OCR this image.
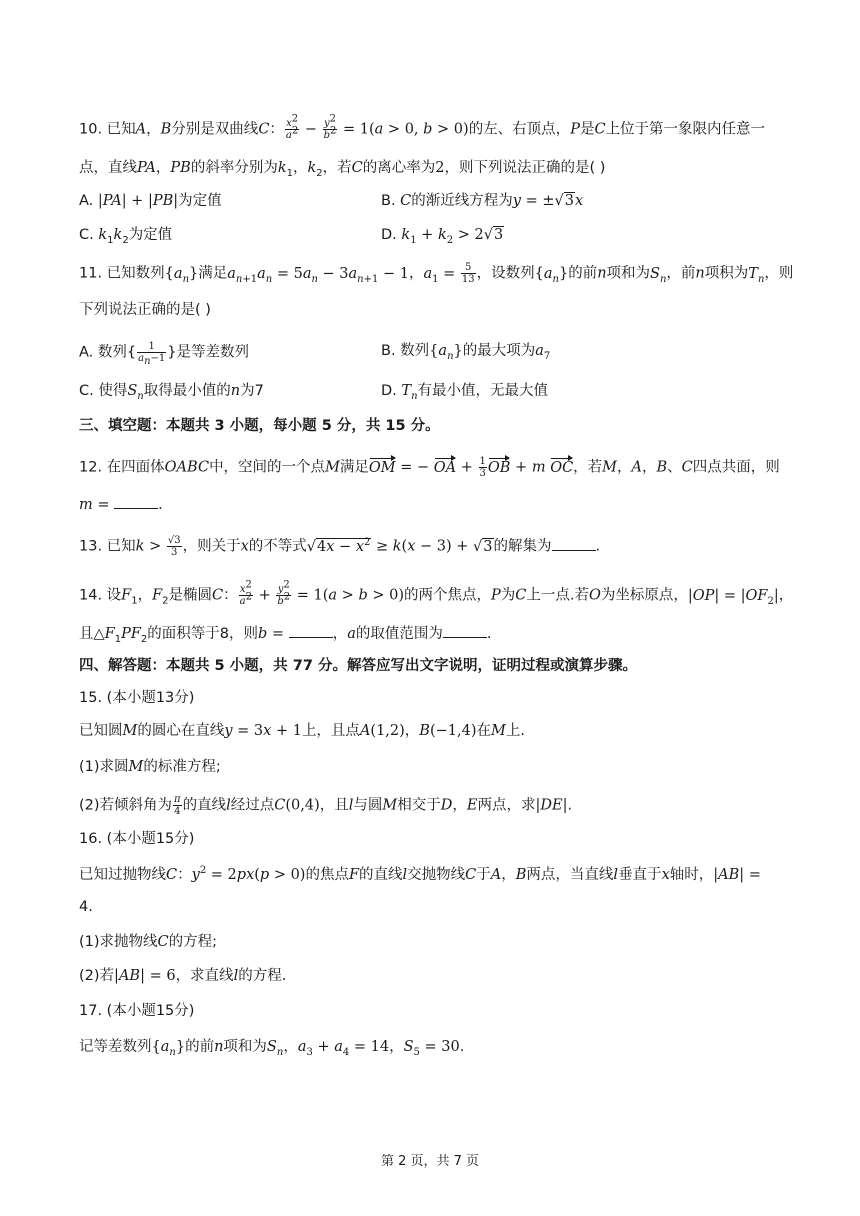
10. 已知A，B分别是双曲线C： $\frac{x^2}{a^2} - \frac{y^2}{b^2} = 1(a > 0$, b > 0)的左、右顶点，P是C上位于第一象限内任意一
点，直线PA，PB的斜率分别为$k_1$，$k_2$，若C的离心率为2，则下列说法正确的是( )
A. |PA| + |PB|为定值	B. C的渐近线方程为y = ±√3x
C. $k_1k_2$为定值	D. $k_1 + k_2 > 2√3$
11. 已知数列$\{a_n\}$满足$a_{n+1}a_n = 5a_n - 3a_{n+1} - 1$，$a_1 = \frac{5}{13}$ ，设数列$\{a_n\}$的前n项和为$S_n$，前n项积为$T_n$，则
下列说法正确的是( )
A. 数列{ $\frac{1}{a_n-1}$ }是等差数列	B. 数列$\{a_n\}$的最大项为$a_7$
C. 使得$S_n$取得最小值的n为7	D. $T_n$有最小值，无最大值
三、填空题：本题共 3 小题，每小题 5 分，共 15 分。
12. 在四面体OABC中，空间的一个点M满足OM = − OA + $\frac{1}{3}$ OB + m OC，若M，A，B、C四点共面，则
m =	.
13. 已知$k > \frac{√3}{3}$ ，则关于x的不等式$√4x - x^2 \ge k(x - 3) + √3$的解集为	.
14. 设$F_1$，$F_2$是椭圆C： $\frac{x^2}{a^2} + \frac{y^2}{b^2} = 1(a > b > 0)$的两个焦点，P为C上一点.若O为坐标原点，$|OP| = |OF_2|$，
且$\triangle F_1PF_2$的面积等于8，则b =	，a的取值范围为	.
四、解答题：本题共 5 小题，共 77 分。解答应写出文字说明，证明过程或演算步骤。
15. (本小题13分)
已知圆M的圆心在直线y = 3x + 1上，且点A(1,2)，B(−1,4)在M上.
(1)求圆M的标准方程;
(2)若倾斜角为 $\frac{\pi}{4}$ 的直线l经过点C(0,4)，且l与圆M相交于D，E两点，求|DE|.
16. (本小题15分)
已知过抛物线C：$y^2 = 2px(p > 0)$的焦点F的直线l交抛物线C于A，B两点，当直线l垂直于x轴时，|AB| =
4.
(1)求抛物线C的方程;
(2)若|AB| = 6，求直线l的方程.
17. (本小题15分)
记等差数列$\{a_n\}$的前n项和为$S_n$，$a_3 + a_4 = 14$，$S_5 = 30$.
第 2 页，共 7 页
